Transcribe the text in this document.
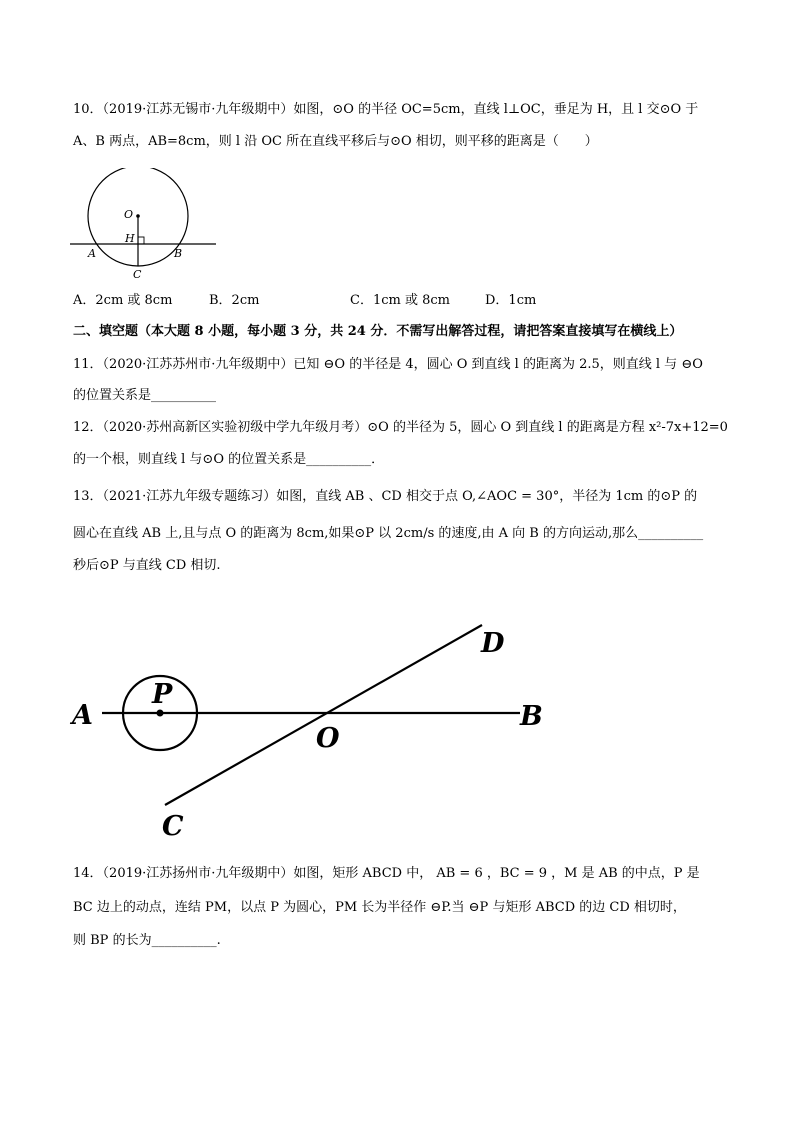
10．（2019·江苏无锡市·九年级期中）如图，⊙O 的半径 OC=5cm，直线 l⊥OC，垂足为 H，且 l 交⊙O 于
A、B 两点，AB=8cm，则 l 沿 OC 所在直线平移后与⊙O 相切，则平移的距离是（　　）
O
H
A	B
C
A．2cm 或 8cm	B．2cm	C．1cm 或 8cm	D．1cm
二、填空题（本大题 8 小题，每小题 3 分，共 24 分．不需写出解答过程，请把答案直接填写在横线上）
11．（2020·江苏苏州市·九年级期中）已知 ⊖O 的半径是 4，圆心 O 到直线 l 的距离为 2.5，则直线 l 与 ⊖O
的位置关系是__________
12．（2020·苏州高新区实验初级中学九年级月考）⊙O 的半径为 5，圆心 O 到直线 l 的距离是方程 x²-7x+12=0
的一个根，则直线 l 与⊙O 的位置关系是__________．
13．（2021·江苏九年级专题练习）如图，直线 AB 、CD 相交于点 O,∠AOC = 30°，半径为 1cm 的⊙P 的
圆心在直线 AB 上,且与点 O 的距离为 8cm,如果⊙P 以 2cm/s 的速度,由 A 向 B 的方向运动,那么__________
秒后⊙P 与直线 CD 相切.
A
P
O
B
D
C
14．（2019·江苏扬州市·九年级期中）如图，矩形 ABCD 中， AB = 6 ，BC = 9 ，M 是 AB 的中点，P 是
BC 边上的动点，连结 PM，以点 P 为圆心，PM 长为半径作 ⊖P.当 ⊖P 与矩形 ABCD 的边 CD 相切时，
则 BP 的长为__________.
